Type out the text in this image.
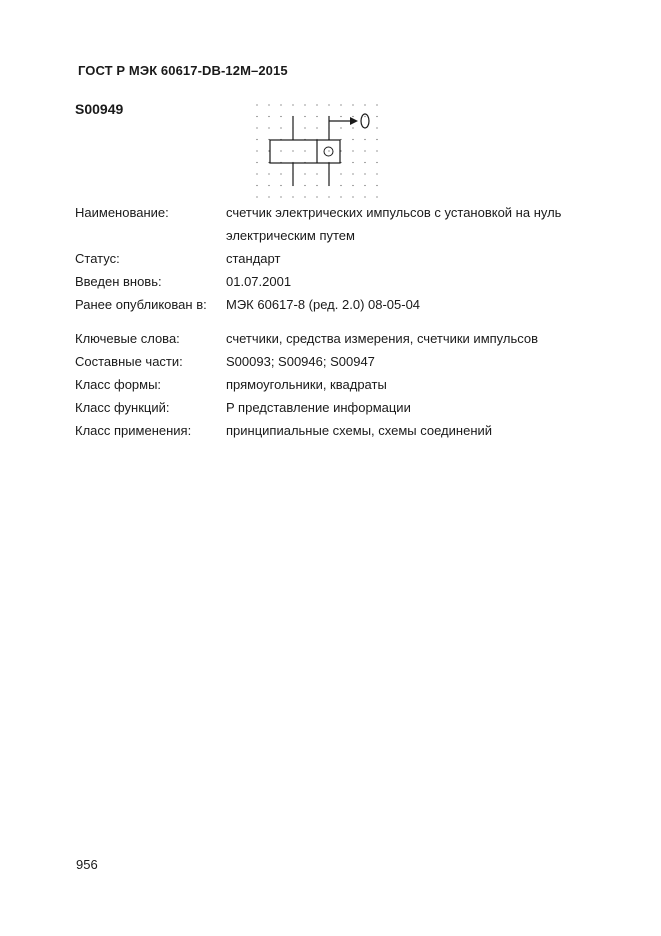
ГОСТ Р МЭК 60617-DB-12M–2015
S00949
Наименование:	счетчик электрических импульсов с установкой на нуль
электрическим путем
Статус:	стандарт
Введен вновь:	01.07.2001
Ранее опубликован в: МЭК 60617-8 (ред. 2.0) 08-05-04
Ключевые слова:	счетчики, средства измерения, счетчики импульсов
Составные части:	S00093; S00946; S00947
Класс формы:	прямоугольники, квадраты
Класс функций:	P представление информации
Класс применения:	принципиальные схемы, схемы соединений
956
